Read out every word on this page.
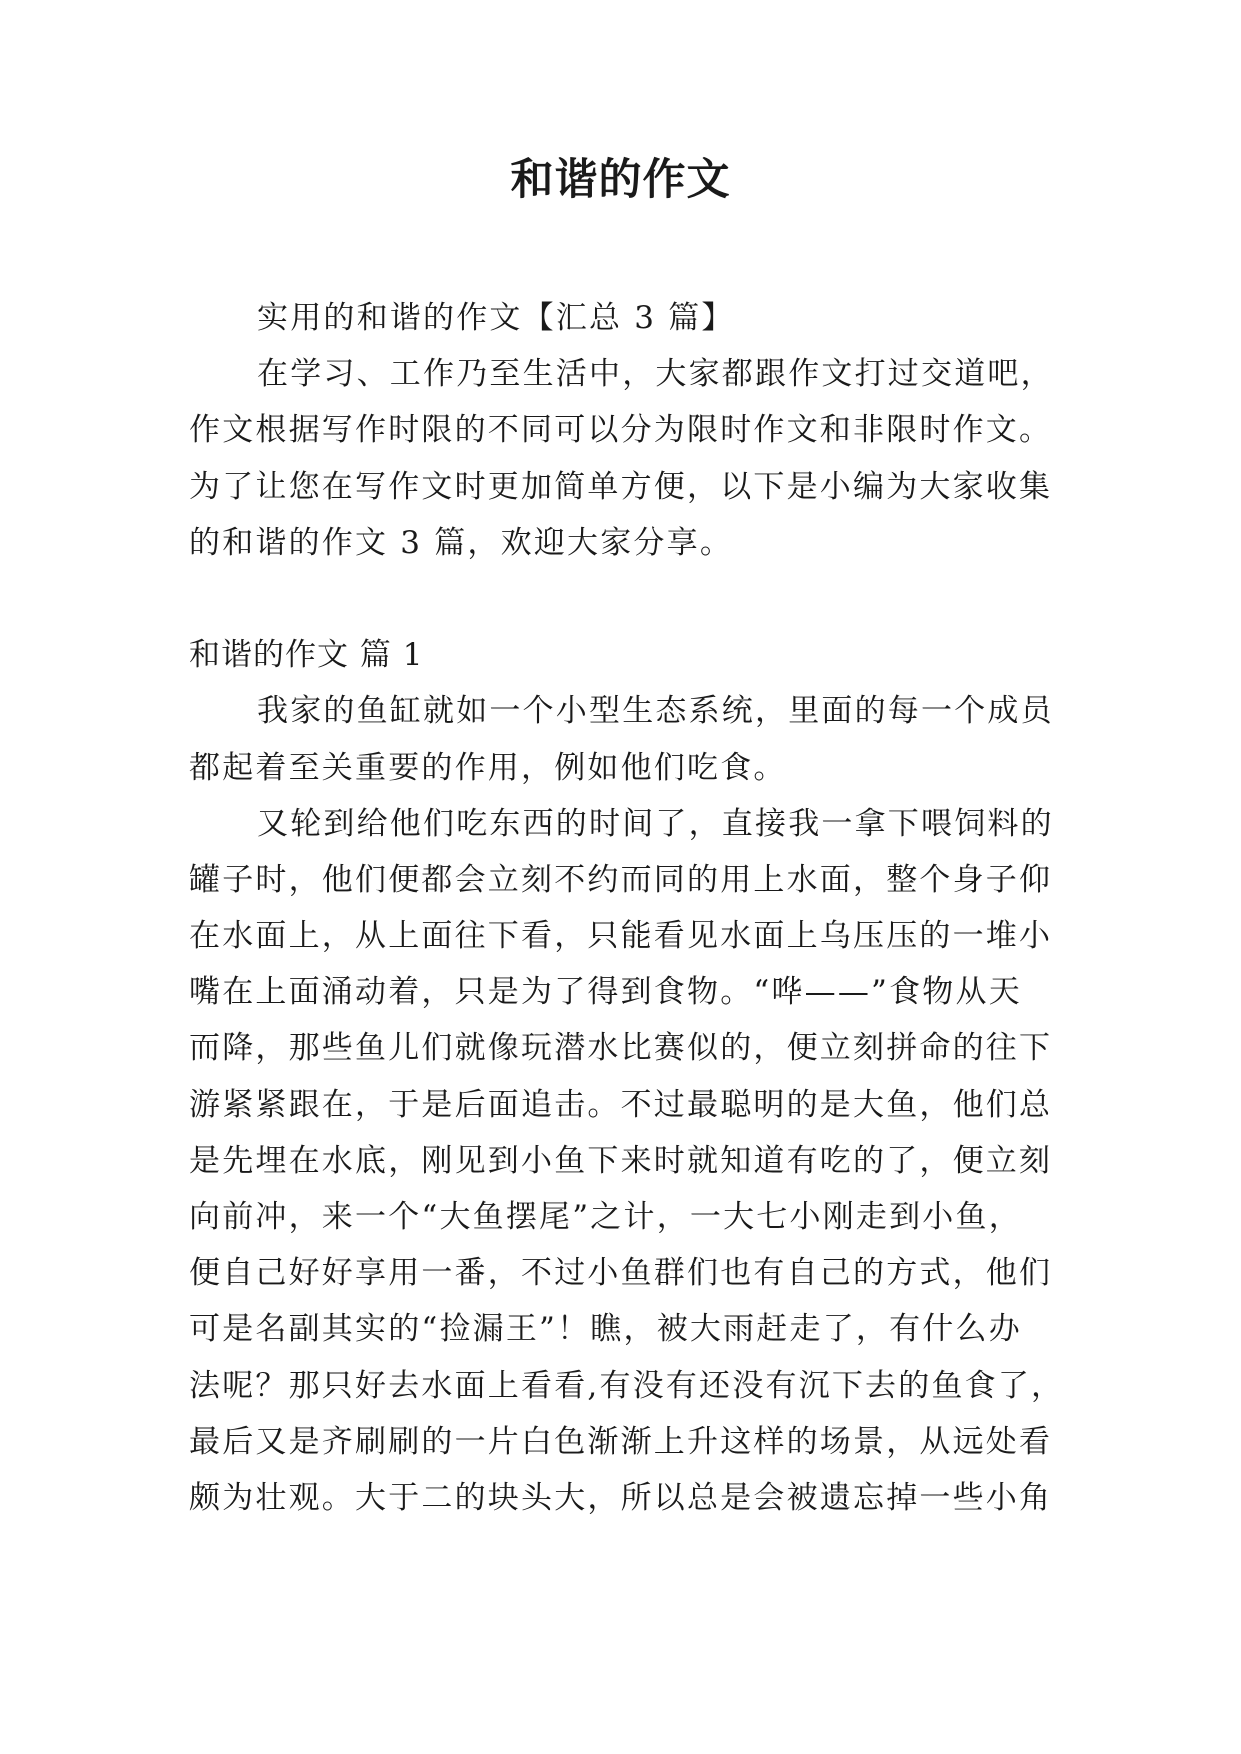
和谐的作文
实用的和谐的作文【汇总 3 篇】
在学习、工作乃至生活中，大家都跟作文打过交道吧，
作文根据写作时限的不同可以分为限时作文和非限时作文。
为了让您在写作文时更加简单方便，以下是小编为大家收集
的和谐的作文 3 篇，欢迎大家分享。
和谐的作文 篇 1
我家的鱼缸就如一个小型生态系统，里面的每一个成员
都起着至关重要的作用，例如他们吃食。
又轮到给他们吃东西的时间了，直接我一拿下喂饲料的
罐子时，他们便都会立刻不约而同的用上水面，整个身子仰
在水面上，从上面往下看，只能看见水面上乌压压的一堆小
嘴在上面涌动着，只是为了得到食物。“哗——”食物从天
而降，那些鱼儿们就像玩潜水比赛似的，便立刻拼命的往下
游紧紧跟在，于是后面追击。不过最聪明的是大鱼，他们总
是先埋在水底，刚见到小鱼下来时就知道有吃的了，便立刻
向前冲，来一个“大鱼摆尾”之计，一大七小刚走到小鱼，
便自己好好享用一番，不过小鱼群们也有自己的方式，他们
可是名副其实的“捡漏王”！瞧，被大雨赶走了，有什么办
法呢？那只好去水面上看看,有没有还没有沉下去的鱼食了，
最后又是齐刷刷的一片白色渐渐上升这样的场景，从远处看
颇为壮观。大于二的块头大，所以总是会被遗忘掉一些小角
